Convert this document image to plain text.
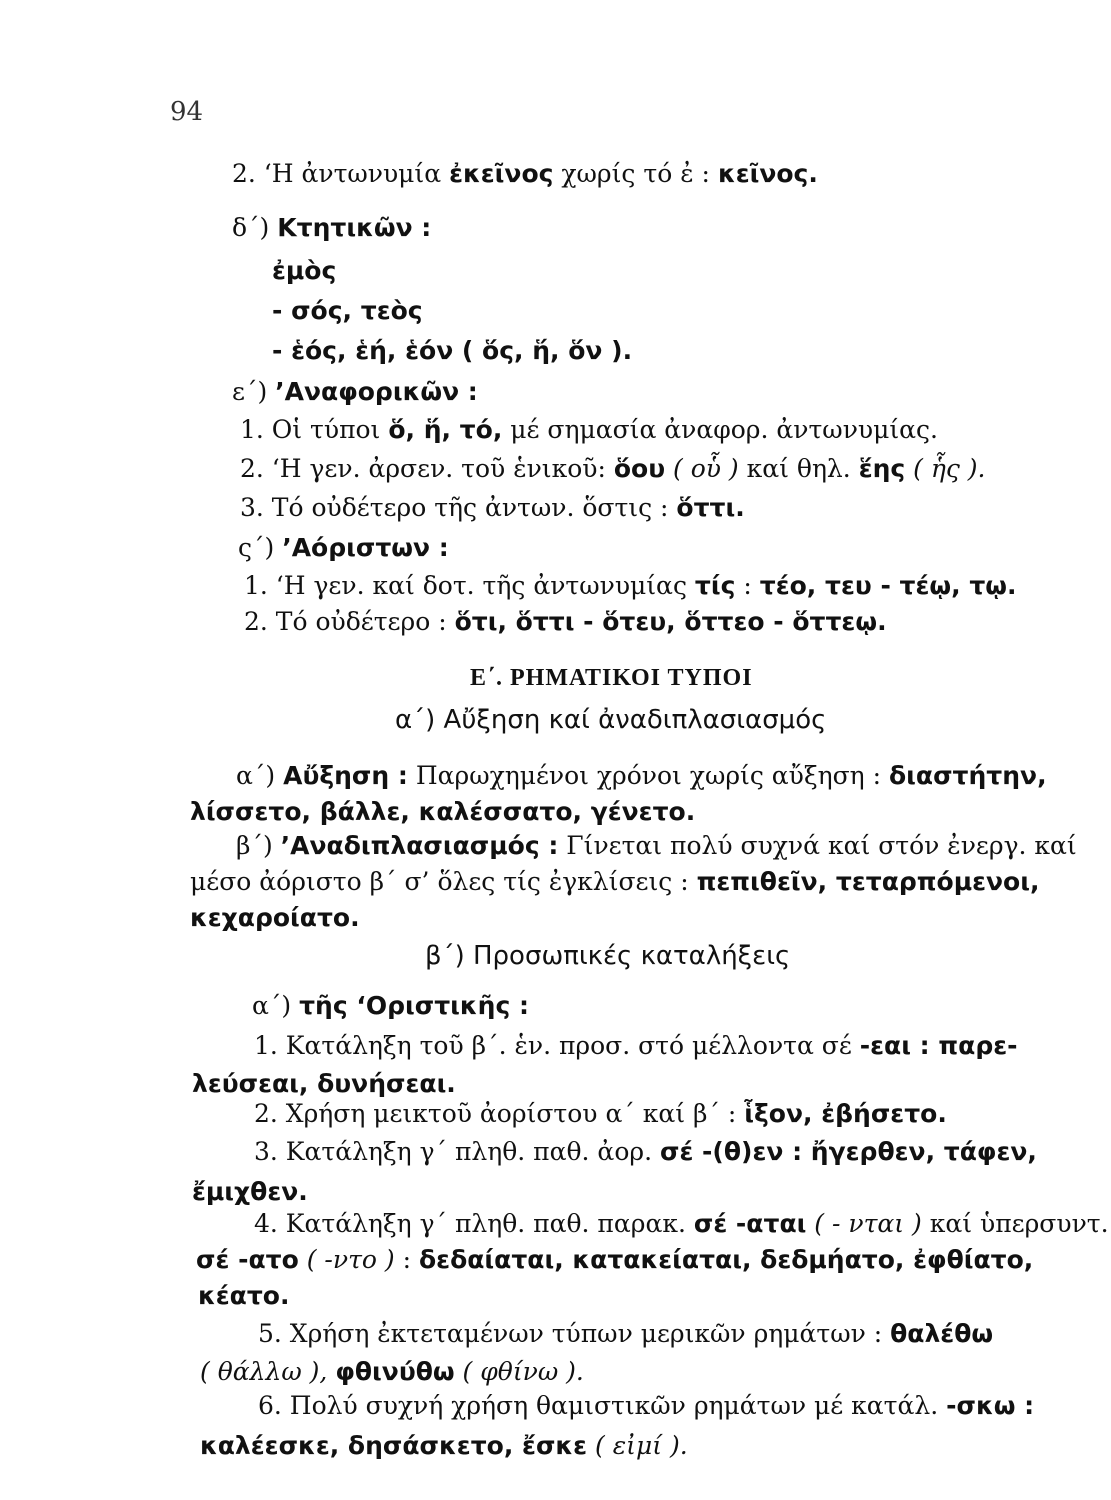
94
2. ‘Η ἀντωνυμία ἐκεῖνος χωρίς τό ἐ : κεῖνος.
δ΄) Κτητικῶν :
ἐμὸς
- σός, τεὸς
- ἑός, ἑή, ἑόν ( ὅς, ἥ, ὅν ).
ε΄) ’Αναφορικῶν :
1. Οἱ τύποι ὅ, ἥ, τό, μέ σημασία ἀναφορ. ἀντωνυμίας.
2. ‘Η γεν. ἀρσεν. τοῦ ἑνικοῦ: ὅου ( οὗ ) καί θηλ. ἕης ( ἧς ).
3. Τό οὐδέτερο τῆς ἀντων. ὅστις : ὅττι.
ς΄) ’Αόριστων :
1. ‘Η γεν. καί δοτ. τῆς ἀντωνυμίας τίς : τέο, τευ - τέῳ, τῳ.
2. Τό οὐδέτερο : ὅτι, ὅττι - ὅτευ, ὅττεο - ὅττεῳ.
Ε΄. ΡΗΜΑΤΙΚΟΙ ΤΥΠΟΙ
α΄) Αὔξηση καί ἀναδιπλασιασμός
α΄) Αὔξηση : Παρωχημένοι χρόνοι χωρίς αὔξηση : διαστήτην,
λίσσετο, βάλλε, καλέσσατο, γένετο.
β΄) ’Αναδιπλασιασμός : Γίνεται πολύ συχνά καί στόν ἐνεργ. καί
μέσο ἀόριστο β΄ σ’ ὅλες τίς ἐγκλίσεις : πεπιθεῖν, τεταρπόμενοι,
κεχαροίατο.
β΄) Προσωπικές καταλήξεις
α΄) τῆς ‘Οριστικῆς :
1. Κατάληξη τοῦ β΄. ἑν. προσ. στό μέλλοντα σέ -εαι : παρε-
λεύσεαι, δυνήσεαι.
2. Χρήση μεικτοῦ ἀορίστου α΄ καί β΄ : ἷξον, ἐβήσετο.
3. Κατάληξη γ΄ πληθ. παθ. ἀορ. σέ -(θ)εν : ἤγερθεν, τάφεν,
ἔμιχθεν.
4. Κατάληξη γ΄ πληθ. παθ. παρακ. σέ -αται ( - νται ) καί ὑπερσυντ.
σέ -ατο ( -ντο ) : δεδαίαται, κατακείαται, δεδμήατο, ἐφθίατο,
κέατο.
5. Χρήση ἐκτεταμένων τύπων μερικῶν ρημάτων : θαλέθω
( θάλλω ), φθινύθω ( φθίνω ).
6. Πολύ συχνή χρήση θαμιστικῶν ρημάτων μέ κατάλ. -σκω :
καλέεσκε, δησάσκετο, ἔσκε ( εἰμί ).
